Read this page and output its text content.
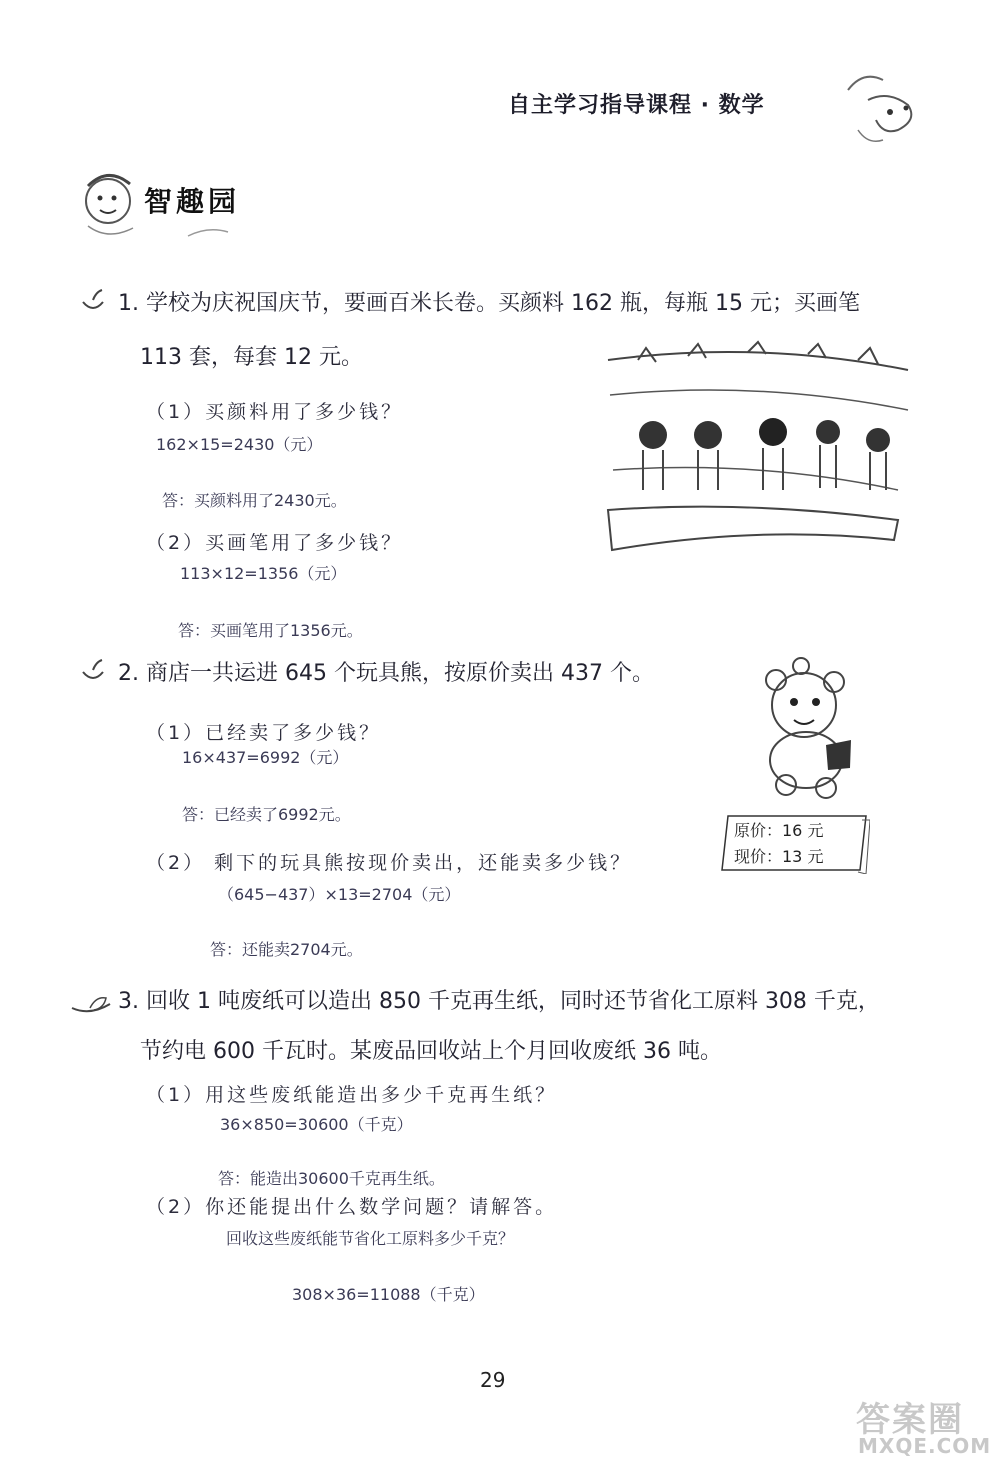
自主学习指导课程 · 数学
智趣园
1. 学校为庆祝国庆节，要画百米长卷。买颜料 162 瓶，每瓶 15 元；买画笔
113 套，每套 12 元。
（1）买颜料用了多少钱？
162×15=2430（元）
答：买颜料用了2430元。
（2）买画笔用了多少钱？
113×12=1356（元）
答：买画笔用了1356元。
2. 商店一共运进 645 个玩具熊，按原价卖出 437 个。
（1）已经卖了多少钱？
16×437=6992（元）
答：已经卖了6992元。
（2） 剩下的玩具熊按现价卖出，还能卖多少钱？
（645−437）×13=2704（元）
答：还能卖2704元。
原价：16 元
现价：13 元
3. 回收 1 吨废纸可以造出 850 千克再生纸，同时还节省化工原料 308 千克，
节约电 600 千瓦时。某废品回收站上个月回收废纸 36 吨。
（1）用这些废纸能造出多少千克再生纸？
36×850=30600（千克）
答：能造出30600千克再生纸。
（2）你还能提出什么数学问题？请解答。
回收这些废纸能节省化工原料多少千克？
308×36=11088（千克）
29
答案圈
MXQE.COM
